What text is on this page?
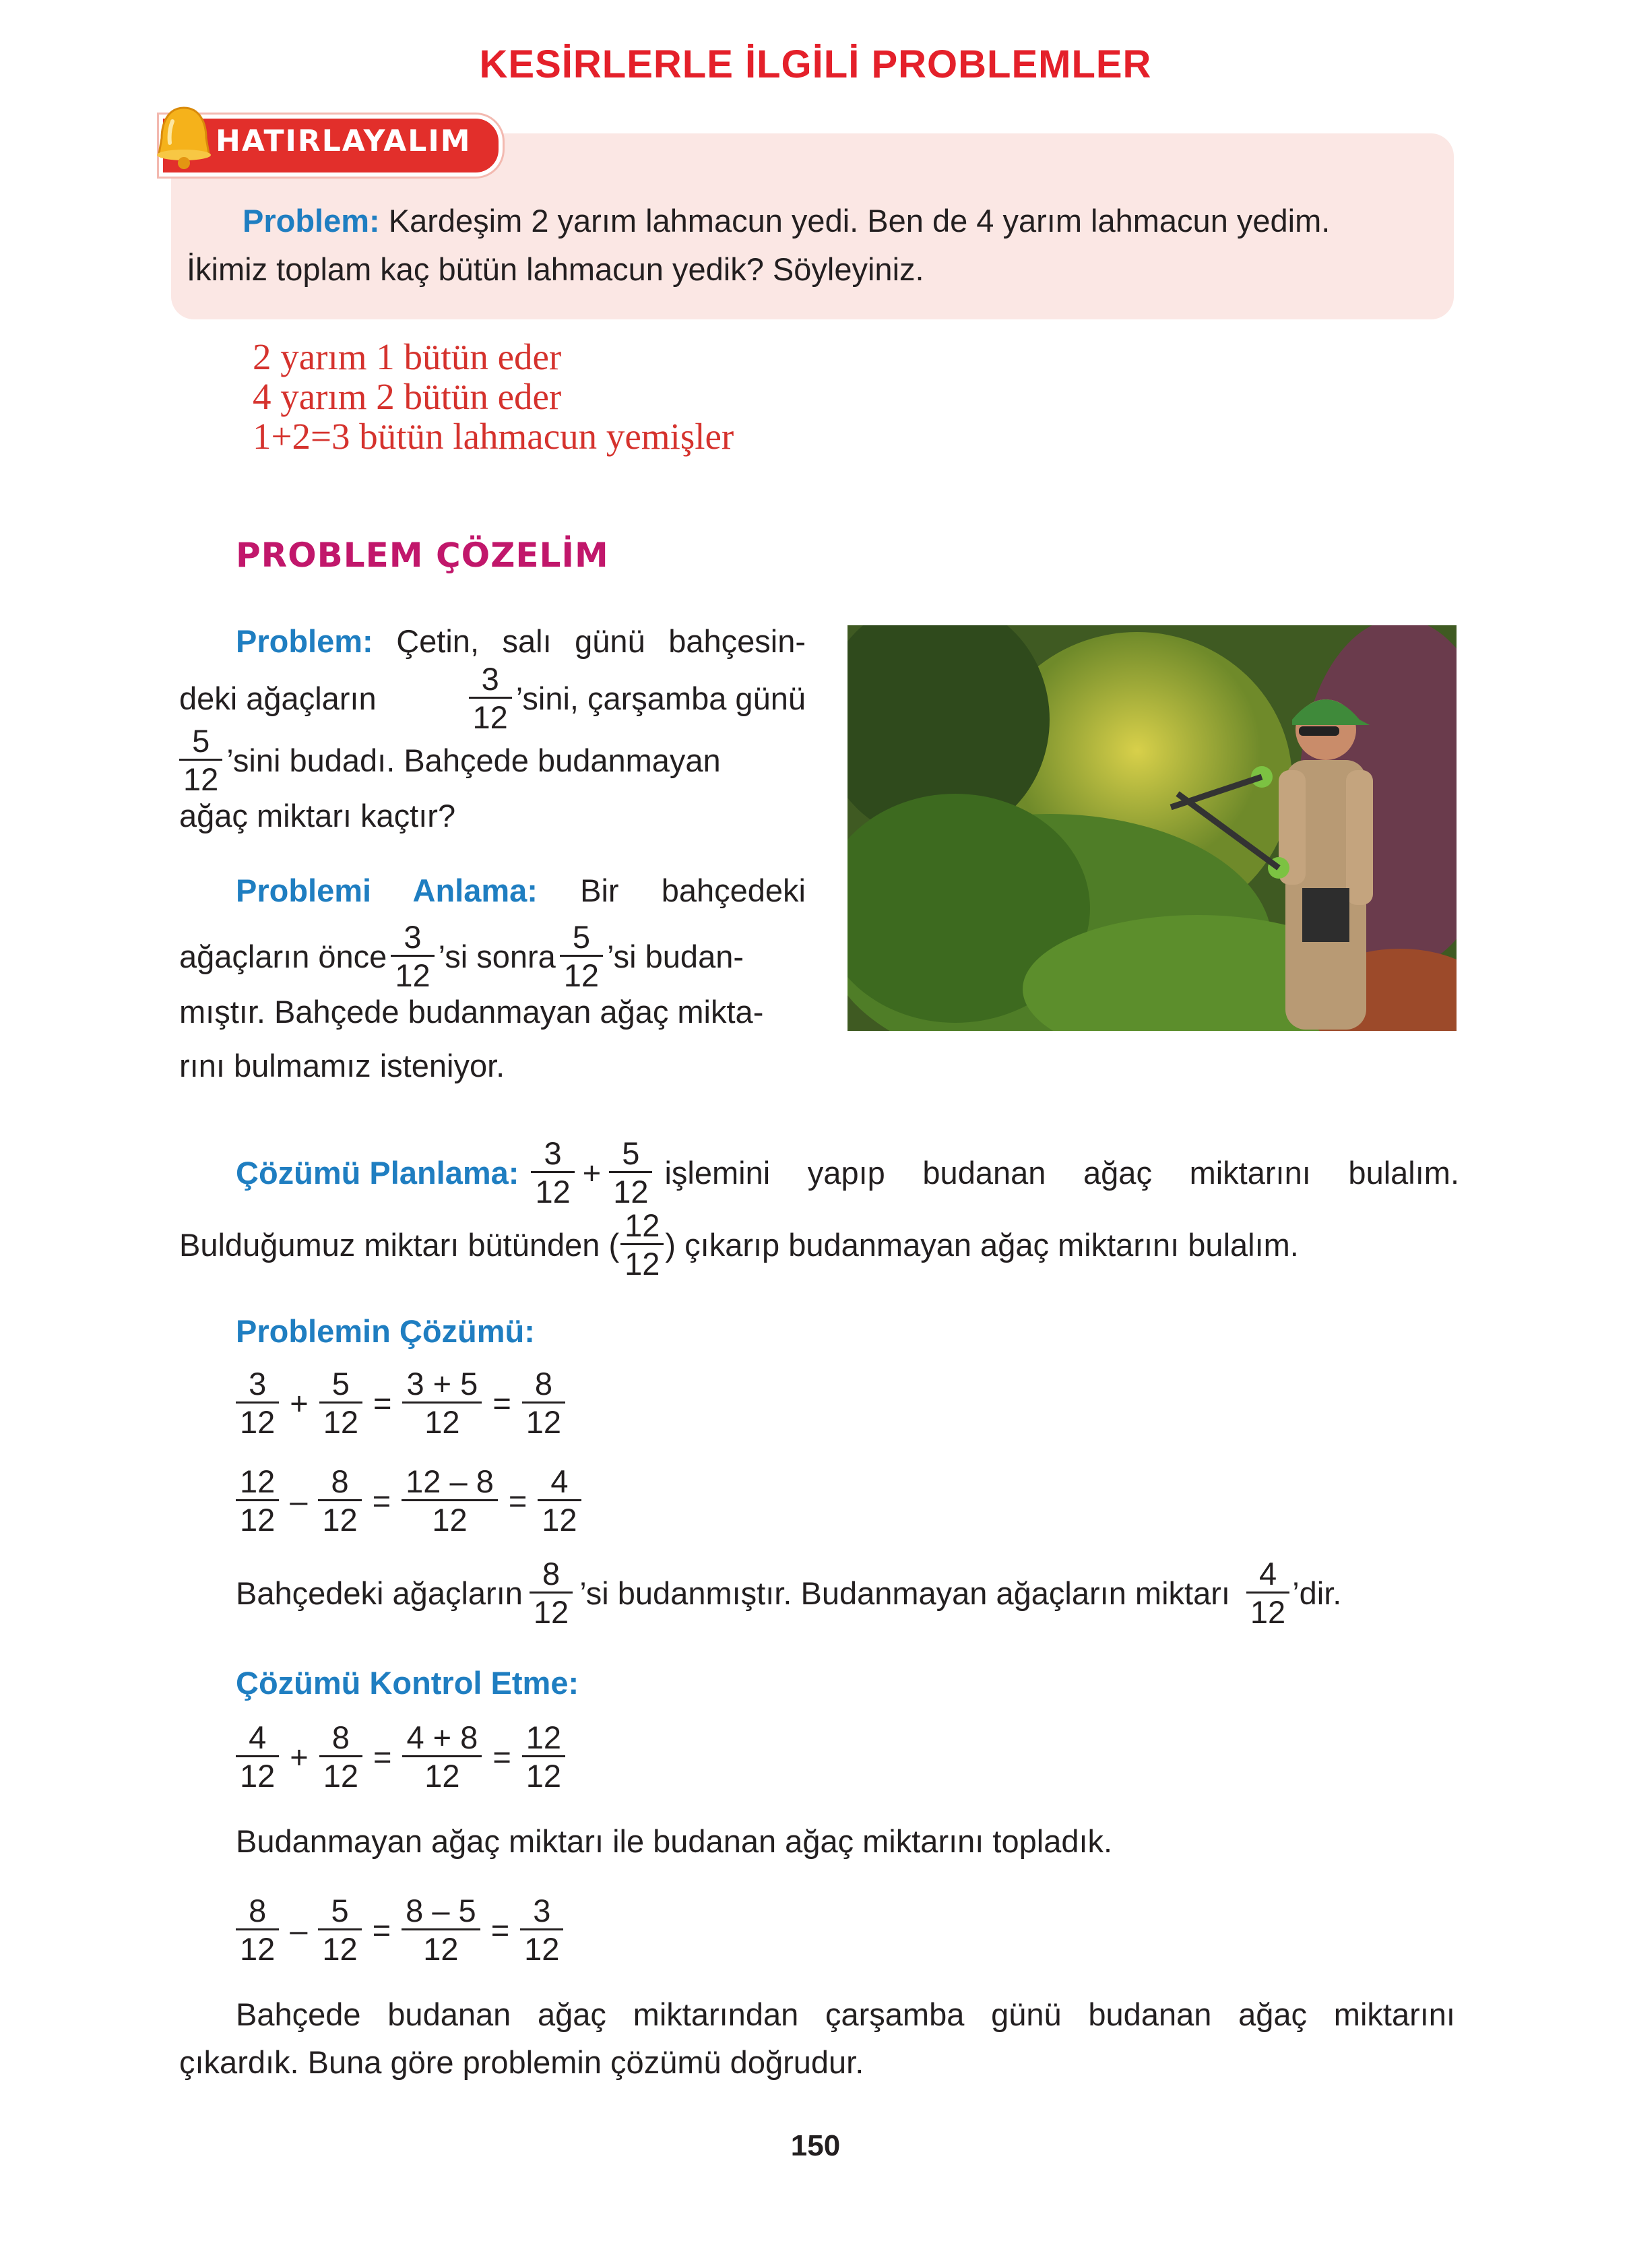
KESİRLERLE İLGİLİ PROBLEMLER
HATIRLAYALIM
Problem: Kardeşim 2 yarım lahmacun yedi. Ben de 4 yarım lahmacun yedim.
İkimiz toplam kaç bütün lahmacun yedik? Söyleyiniz.
2 yarım 1 bütün eder
4 yarım 2 bütün eder
1+2=3 bütün lahmacun yemişler
PROBLEM ÇÖZELİM
Problem: Çetin, salı günü bahçesin-
deki ağaçların	$\frac{3}{12}$ ’sini, çarşamba günü
$\frac{5}{12}$ ’sini budadı. Bahçede budanmayan
ağaç miktarı kaçtır?
Problemi Anlama: Bir bahçedeki
ağaçların önce $\frac{3}{12}$ ’si sonra $\frac{5}{12}$ ’si budan-
mıştır. Bahçede budanmayan ağaç mikta-
rını bulmamız isteniyor.
Çözümü Planlama: $\frac{3}{12} + \frac{5}{12}$ işlemini yapıp budanan ağaç miktarını bulalım.
Bulduğumuz miktarı bütünden ( $\frac{12}{12}$ ) çıkarıp budanmayan ağaç miktarını bulalım.
Problemin Çözümü:
$\frac{3}{12} + \frac{5}{12} = \frac{3 + 5}{12} = \frac{8}{12}$
$\frac{12}{12} - \frac{8}{12} = \frac{12 - 8}{12} = \frac{4}{12}$
Bahçedeki ağaçların $\frac{8}{12}$ ’si budanmıştır. Budanmayan ağaçların miktarı $\frac{4}{12}$ ’dir.
Çözümü Kontrol Etme:
$\frac{4}{12} + \frac{8}{12} = \frac{4 + 8}{12} = \frac{12}{12}$
Budanmayan ağaç miktarı ile budanan ağaç miktarını topladık.
$\frac{8}{12} - \frac{5}{12} = \frac{8 - 5}{12} = \frac{3}{12}$
Bahçede budanan ağaç miktarından çarşamba günü budanan ağaç miktarını
çıkardık. Buna göre problemin çözümü doğrudur.
150
